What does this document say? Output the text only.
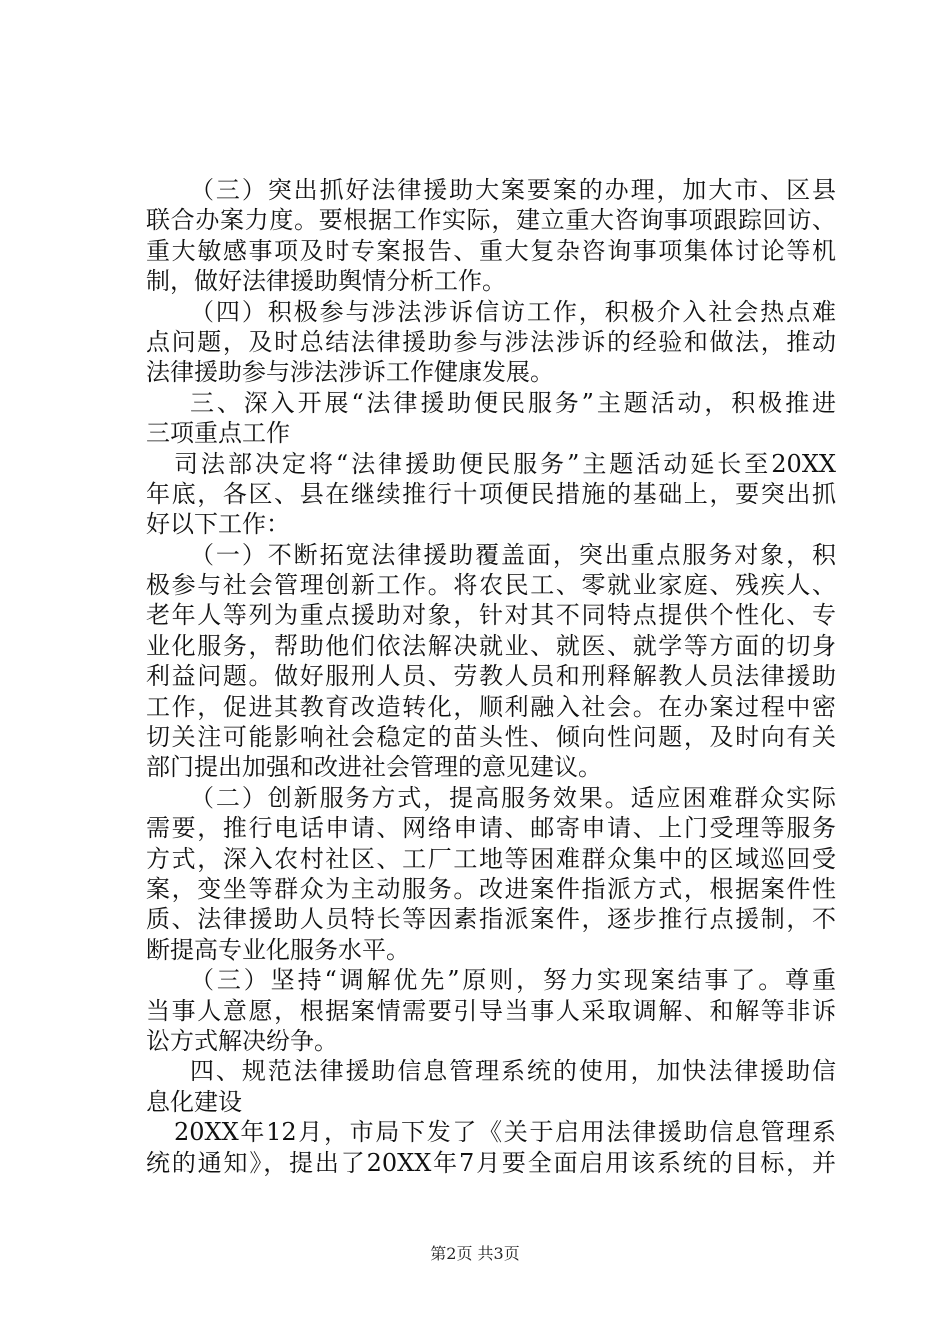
（三）突出抓好法律援助大案要案的办理，加大市、区县
联合办案力度。要根据工作实际，建立重大咨询事项跟踪回访、
重大敏感事项及时专案报告、重大复杂咨询事项集体讨论等机
制，做好法律援助舆情分析工作。
（四）积极参与涉法涉诉信访工作，积极介入社会热点难
点问题，及时总结法律援助参与涉法涉诉的经验和做法，推动
法律援助参与涉法涉诉工作健康发展。
三、深入开展“法律援助便民服务”主题活动，积极推进
三项重点工作
司法部决定将“法律援助便民服务”主题活动延长至20XX
年底，各区、县在继续推行十项便民措施的基础上，要突出抓
好以下工作：
（一）不断拓宽法律援助覆盖面，突出重点服务对象，积
极参与社会管理创新工作。将农民工、零就业家庭、残疾人、
老年人等列为重点援助对象，针对其不同特点提供个性化、专
业化服务，帮助他们依法解决就业、就医、就学等方面的切身
利益问题。做好服刑人员、劳教人员和刑释解教人员法律援助
工作，促进其教育改造转化，顺利融入社会。在办案过程中密
切关注可能影响社会稳定的苗头性、倾向性问题，及时向有关
部门提出加强和改进社会管理的意见建议。
（二）创新服务方式，提高服务效果。适应困难群众实际
需要，推行电话申请、网络申请、邮寄申请、上门受理等服务
方式，深入农村社区、工厂工地等困难群众集中的区域巡回受
案，变坐等群众为主动服务。改进案件指派方式，根据案件性
质、法律援助人员特长等因素指派案件，逐步推行点援制，不
断提高专业化服务水平。
（三）坚持“调解优先”原则，努力实现案结事了。尊重
当事人意愿，根据案情需要引导当事人采取调解、和解等非诉
讼方式解决纷争。
四、规范法律援助信息管理系统的使用，加快法律援助信
息化建设
20XX年12月，市局下发了《关于启用法律援助信息管理系
统的通知》，提出了20XX年7月要全面启用该系统的目标，并
第2页 共3页
